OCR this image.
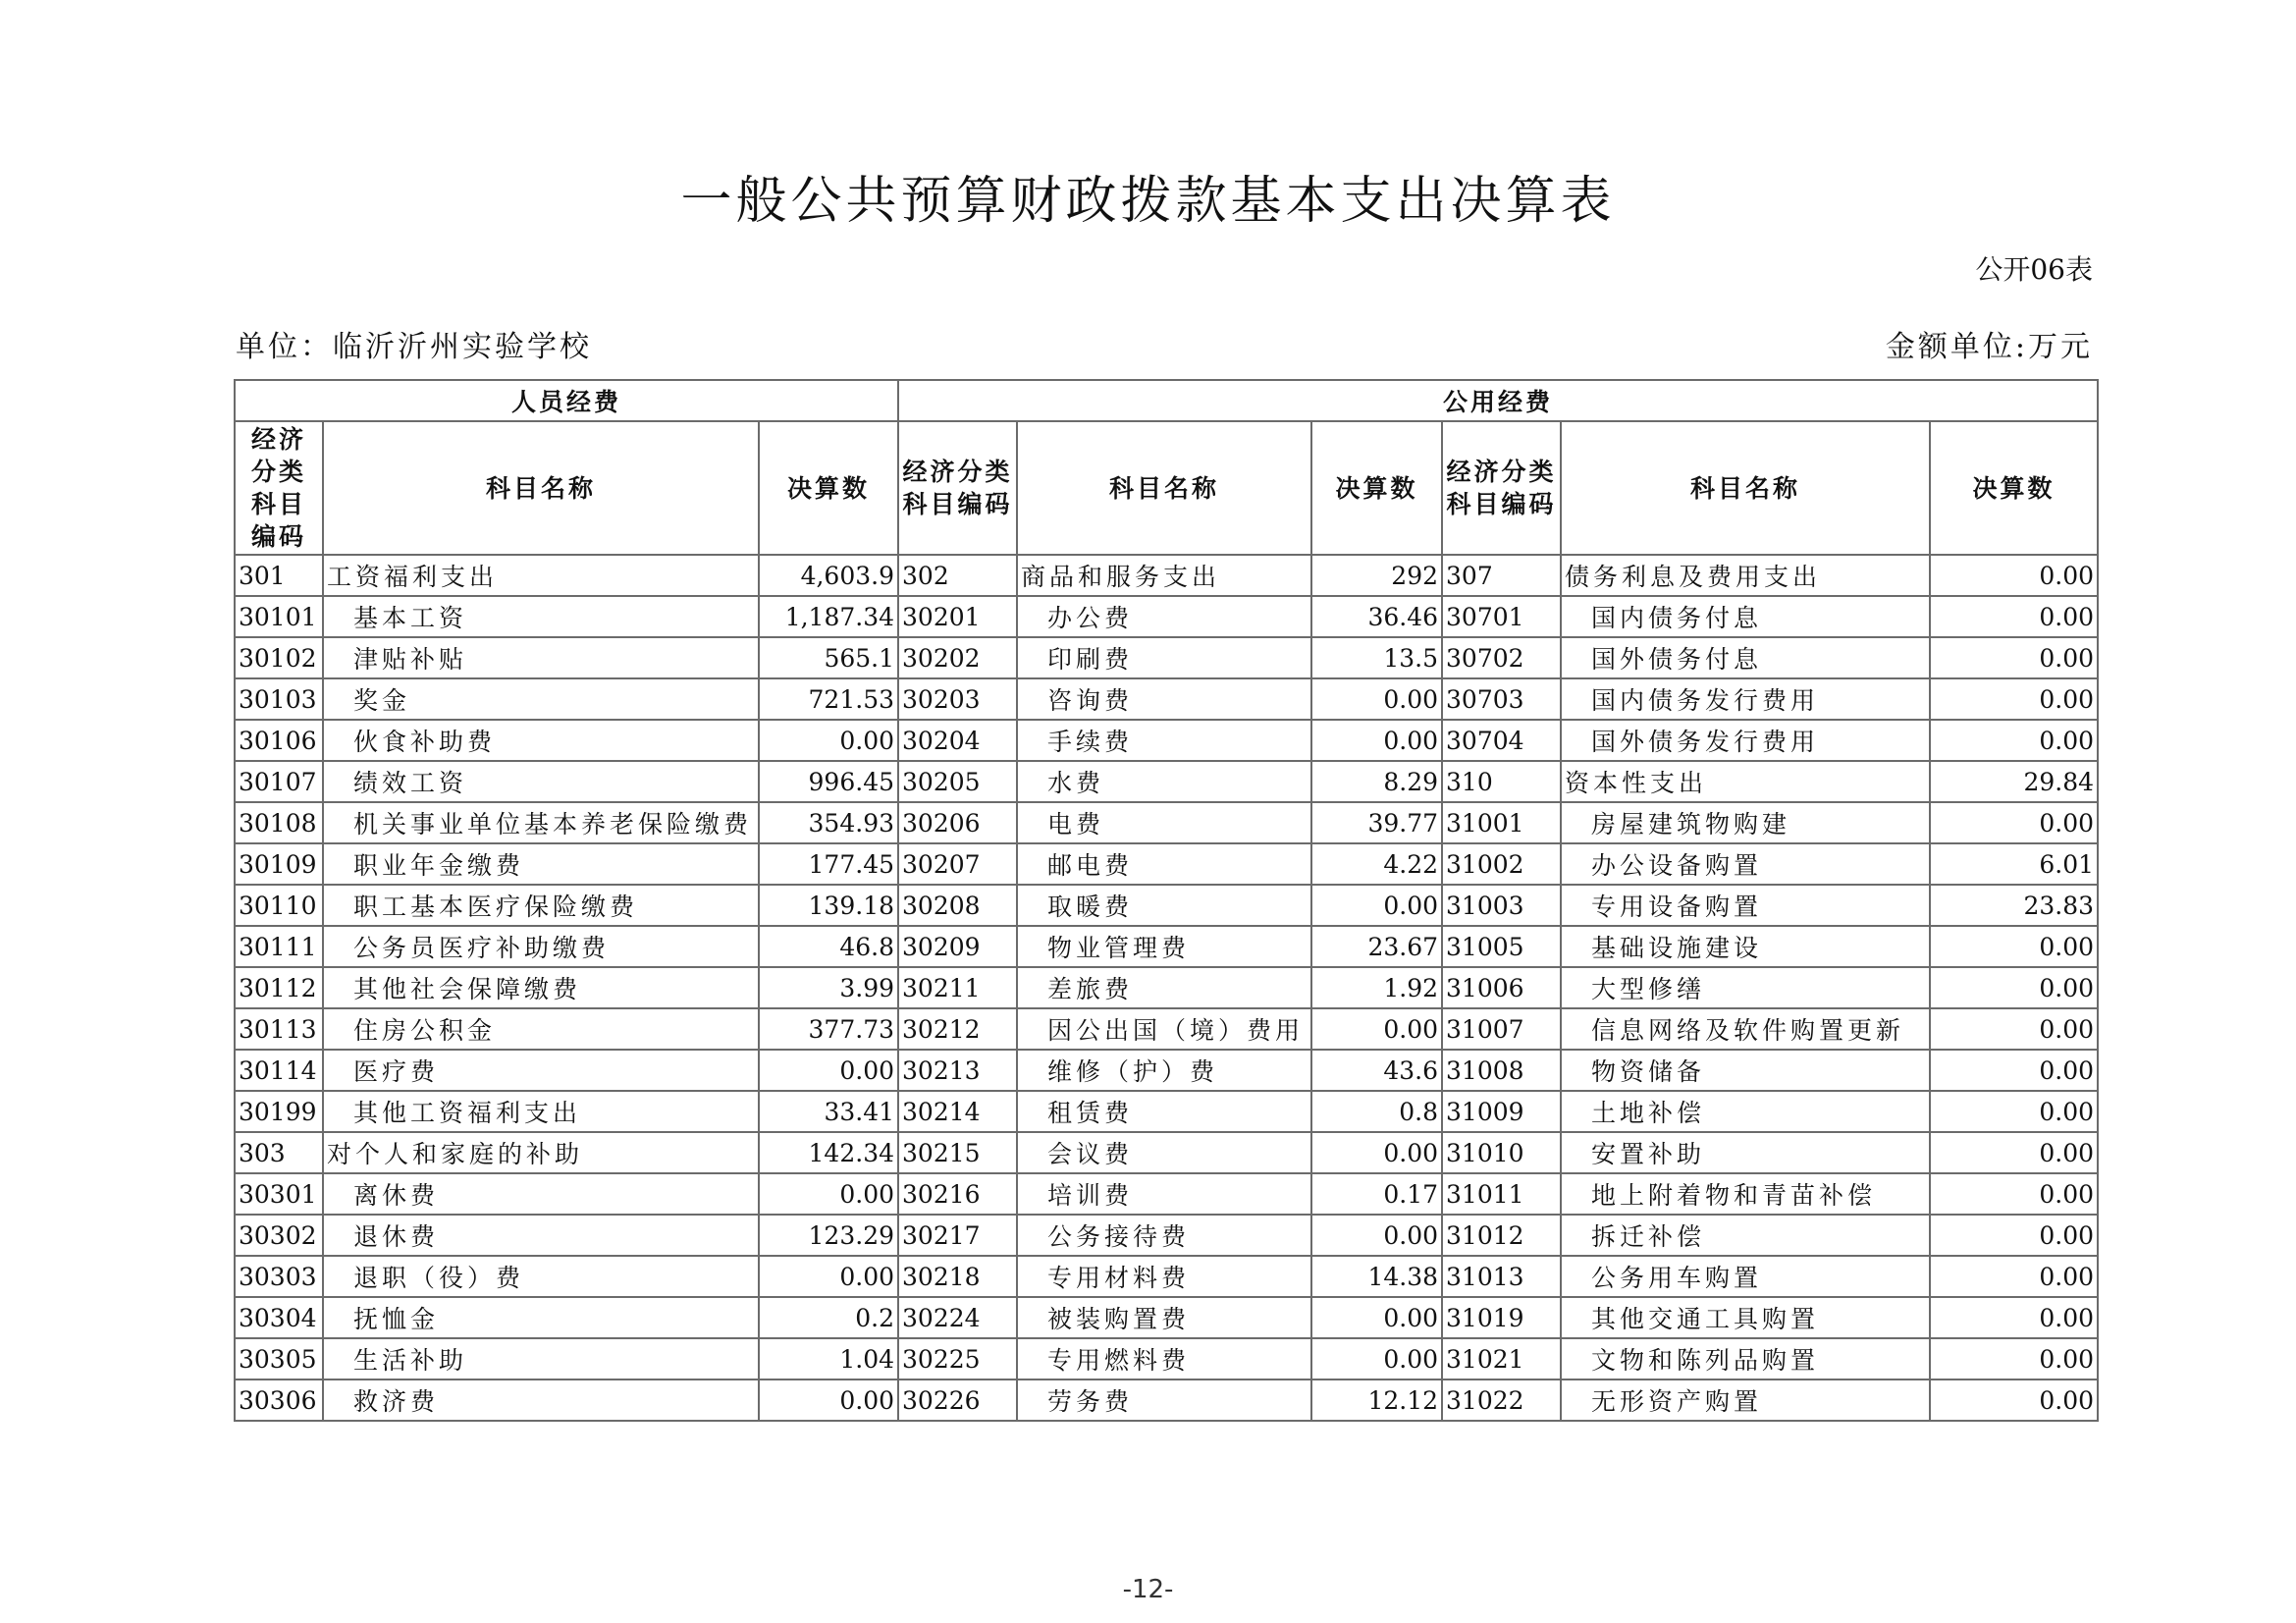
一般公共预算财政拨款基本支出决算表
公开06表
单位：临沂沂州实验学校	金额单位:万元
人员经费			公用经费					
经济分类科目编码	科目名称	决算数	经济分类科目编码	科目名称	决算数	经济分类科目编码	科目名称	决算数
301	工资福利支出	4,603.9	302	商品和服务支出	292	307	债务利息及费用支出	0.00
30101	基本工资	1,187.34	30201	办公费	36.46	30701	国内债务付息	0.00
30102	津贴补贴	565.1	30202	印刷费	13.5	30702	国外债务付息	0.00
30103	奖金	721.53	30203	咨询费	0.00	30703	国内债务发行费用	0.00
30106	伙食补助费	0.00	30204	手续费	0.00	30704	国外债务发行费用	0.00
30107	绩效工资	996.45	30205	水费	8.29	310	资本性支出	29.84
30108	机关事业单位基本养老保险缴费	354.93	30206	电费	39.77	31001	房屋建筑物购建	0.00
30109	职业年金缴费	177.45	30207	邮电费	4.22	31002	办公设备购置	6.01
30110	职工基本医疗保险缴费	139.18	30208	取暖费	0.00	31003	专用设备购置	23.83
30111	公务员医疗补助缴费	46.8	30209	物业管理费	23.67	31005	基础设施建设	0.00
30112	其他社会保障缴费	3.99	30211	差旅费	1.92	31006	大型修缮	0.00
30113	住房公积金	377.73	30212	因公出国（境）费用	0.00	31007	信息网络及软件购置更新	0.00
30114	医疗费	0.00	30213	维修（护）费	43.6	31008	物资储备	0.00
30199	其他工资福利支出	33.41	30214	租赁费	0.8	31009	土地补偿	0.00
303	对个人和家庭的补助	142.34	30215	会议费	0.00	31010	安置补助	0.00
30301	离休费	0.00	30216	培训费	0.17	31011	地上附着物和青苗补偿	0.00
30302	退休费	123.29	30217	公务接待费	0.00	31012	拆迁补偿	0.00
30303	退职（役）费	0.00	30218	专用材料费	14.38	31013	公务用车购置	0.00
30304	抚恤金	0.2	30224	被装购置费	0.00	31019	其他交通工具购置	0.00
30305	生活补助	1.04	30225	专用燃料费	0.00	31021	文物和陈列品购置	0.00
30306	救济费	0.00	30226	劳务费	12.12	31022	无形资产购置	0.00
-12-
